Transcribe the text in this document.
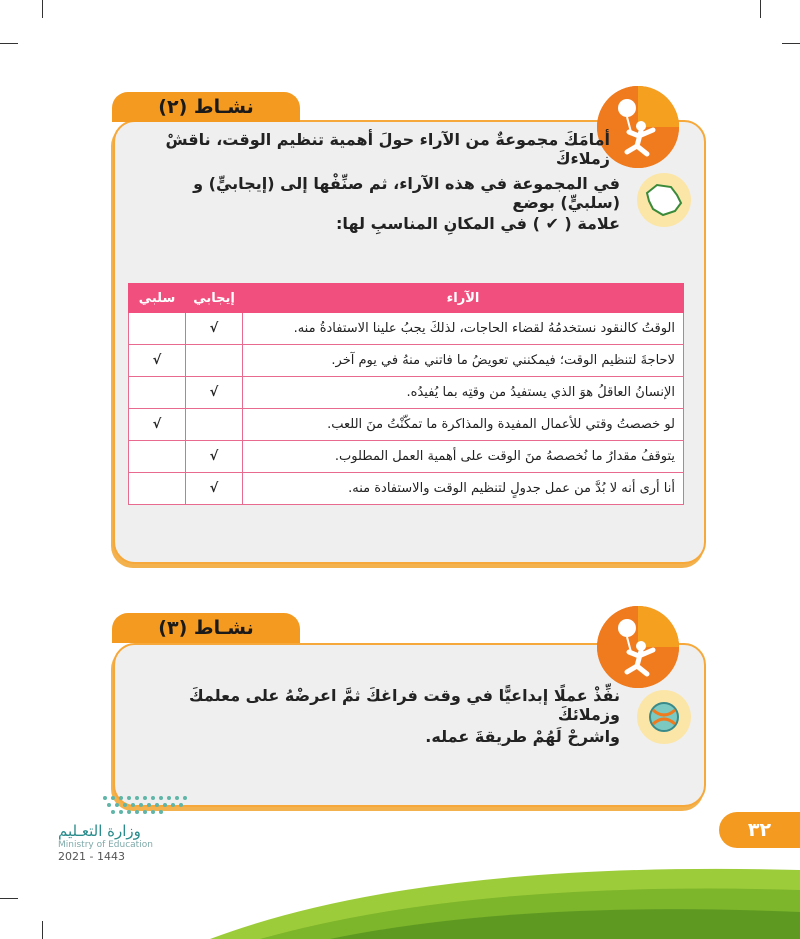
نشـاط (٢)
أمامَكَ مجموعةٌ من الآراء حولَ أهمية تنظيم الوقت، ناقشْ زملاءكَ
في المجموعة في هذه الآراء، ثم صنِّفْها إلى (إيجابيٍّ) و (سلبيٍّ) بوضع
علامة ( ✔ ) في المكانِ المناسبِ لها:
الآراء	إيجابي	سلبي
الوقتُ كالنقود نستخدمُهُ لقضاء الحاجات، لذلكَ يجبُ علينا الاستفادةُ منه.	√	
لاحاجةَ لتنظيم الوقت؛ فيمكنني تعويضُ ما فاتني منهُ في يوم آخر.		√
الإنسانُ العاقلُ هوَ الذي يستفيدُ من وقتِه بما يُفيدُه.	√	
لو خصصتُ وقتي للأعمال المفيدة والمذاكرة ما تمكّنْتُ منَ اللعب.		√
يتوقفُ مقدارُ ما نُخصصهُ منَ الوقت على أهمية العمل المطلوب.	√	
أنا أرى أنه لا بُدَّ من عمل جدولٍ لتنظيم الوقت والاستفادة منه.	√	
نشـاط (٣)
نفِّذْ عملًا إبداعيًّا في وقت فراغكَ ثمَّ اعرضْهُ على معلمكَ وزملائكَ
واشرحْ لَهُمْ طريقةَ عمله.
وزارة التعـليم
Ministry of Education
2021 - 1443
٣٢
